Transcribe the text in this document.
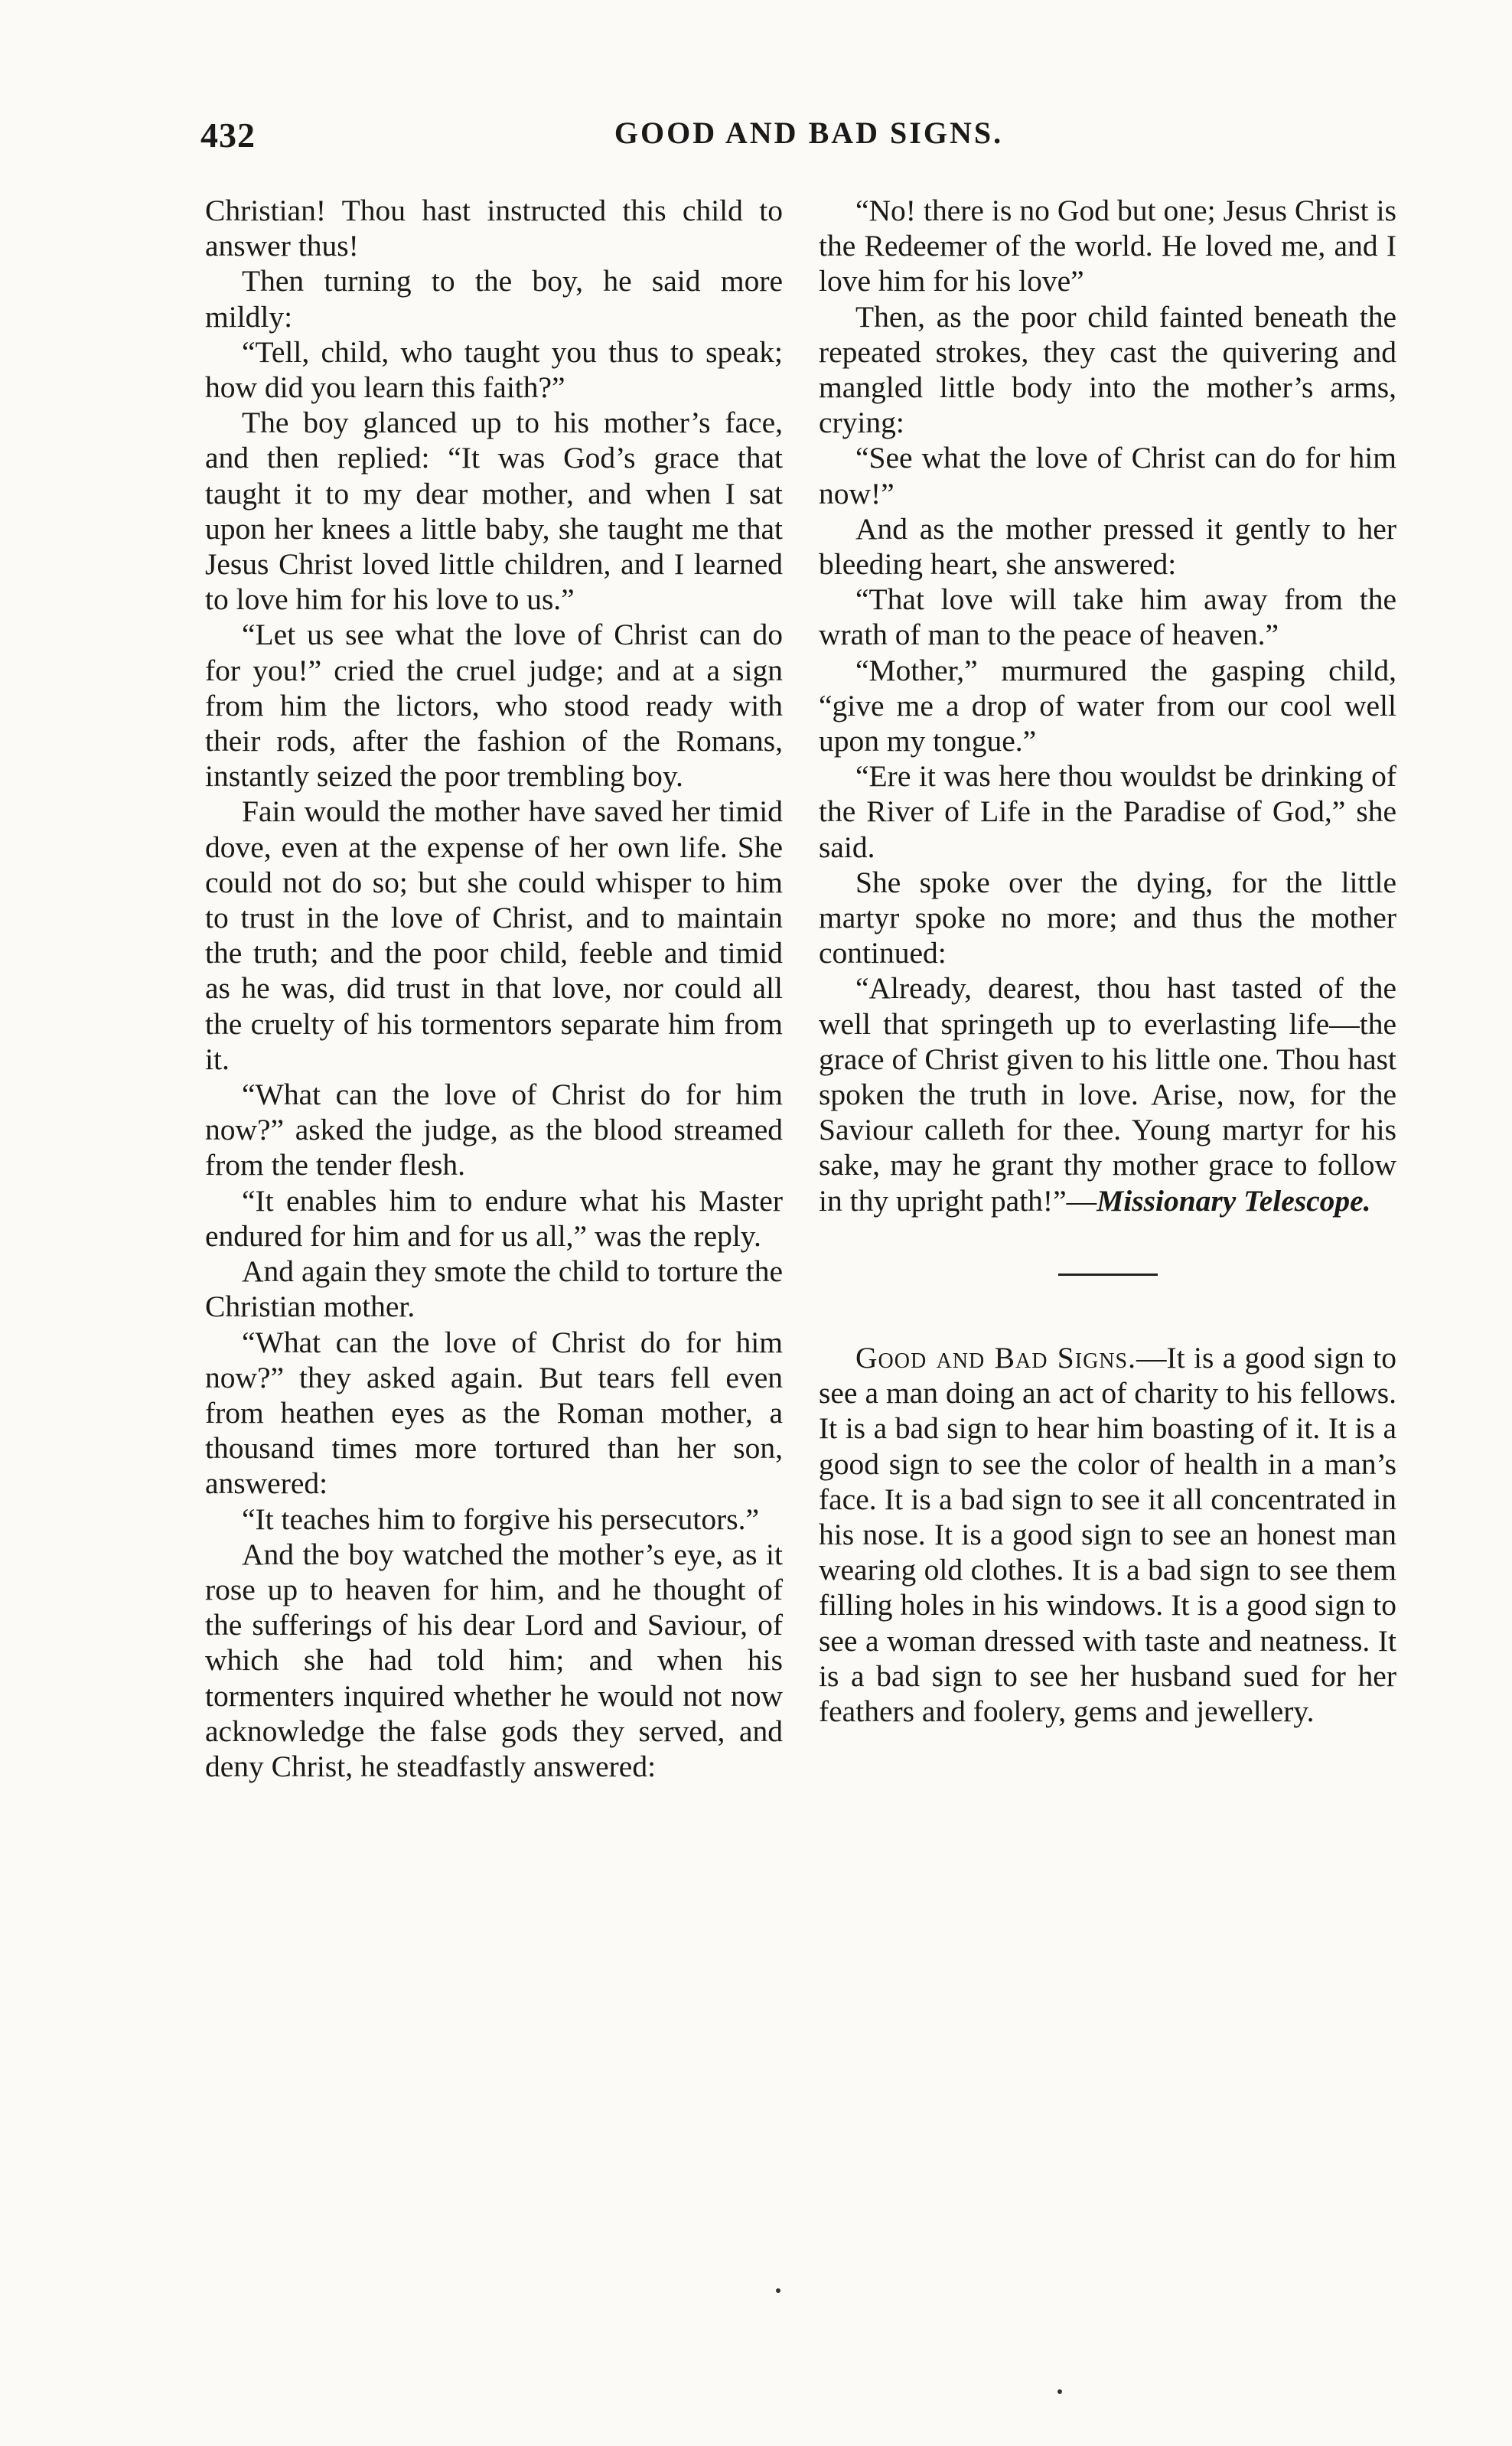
432	GOOD AND BAD SIGNS.

Christian! Thou hast instructed this child to answer thus!

Then turning to the boy, he said more mildly:

“Tell, child, who taught you thus to speak; how did you learn this faith?”

The boy glanced up to his mother’s face, and then replied: “It was God’s grace that taught it to my dear mother, and when I sat upon her knees a little baby, she taught me that Jesus Christ loved little children, and I learned to love him for his love to us.”

“Let us see what the love of Christ can do for you!” cried the cruel judge; and at a sign from him the lictors, who stood ready with their rods, after the fashion of the Romans, instantly seized the poor trembling boy.

Fain would the mother have saved her timid dove, even at the expense of her own life. She could not do so; but she could whisper to him to trust in the love of Christ, and to maintain the truth; and the poor child, feeble and timid as he was, did trust in that love, nor could all the cruelty of his tormentors separate him from it.

“What can the love of Christ do for him now?” asked the judge, as the blood streamed from the tender flesh.

“It enables him to endure what his Master endured for him and for us all,” was the reply.

And again they smote the child to torture the Christian mother.

“What can the love of Christ do for him now?” they asked again. But tears fell even from heathen eyes as the Roman mother, a thousand times more tortured than her son, answered:

“It teaches him to forgive his persecutors.”

And the boy watched the mother’s eye, as it rose up to heaven for him, and he thought of the sufferings of his dear Lord and Saviour, of which she had told him; and when his tormenters inquired whether he would not now acknowledge the false gods they served, and deny Christ, he steadfastly answered:

“No! there is no God but one; Jesus Christ is the Redeemer of the world. He loved me, and I love him for his love”

Then, as the poor child fainted beneath the repeated strokes, they cast the quivering and mangled little body into the mother’s arms, crying:

“See what the love of Christ can do for him now!”

And as the mother pressed it gently to her bleeding heart, she answered:

“That love will take him away from the wrath of man to the peace of heaven.”

“Mother,” murmured the gasping child, “give me a drop of water from our cool well upon my tongue.”

“Ere it was here thou wouldst be drinking of the River of Life in the Paradise of God,” she said.

She spoke over the dying, for the little martyr spoke no more; and thus the mother continued:

“Already, dearest, thou hast tasted of the well that springeth up to everlasting life—the grace of Christ given to his little one. Thou hast spoken the truth in love. Arise, now, for the Saviour calleth for thee. Young martyr for his sake, may he grant thy mother grace to follow in thy upright path!”—Missionary Telescope.

Good and Bad Signs.—It is a good sign to see a man doing an act of charity to his fellows. It is a bad sign to hear him boasting of it. It is a good sign to see the color of health in a man’s face. It is a bad sign to see it all concentrated in his nose. It is a good sign to see an honest man wearing old clothes. It is a bad sign to see them filling holes in his windows. It is a good sign to see a woman dressed with taste and neatness. It is a bad sign to see her husband sued for her feathers and foolery, gems and jewellery.
